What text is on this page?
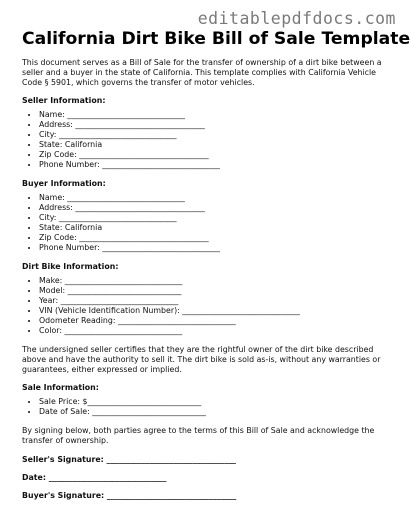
editablepdfdocs.com
California Dirt Bike Bill of Sale Template

This document serves as a Bill of Sale for the transfer of ownership of a dirt bike between a seller and a buyer in the state of California. This template complies with California Vehicle Code § 5901, which governs the transfer of motor vehicles.

Seller Information:

• Name: ______________________________
• Address: _________________________________
• City: ______________________________
• State: California
• Zip Code: _________________________________
• Phone Number: ______________________________

Buyer Information:

• Name: ______________________________
• Address: _________________________________
• City: ______________________________
• State: California
• Zip Code: _________________________________
• Phone Number: ______________________________

Dirt Bike Information:

• Make: ______________________________
• Model: _____________________________
• Year: ______________________________
• VIN (Vehicle Identification Number): ______________________________
• Odometer Reading: ______________________________
• Color: ______________________________

The undersigned seller certifies that they are the rightful owner of the dirt bike described above and have the authority to sell it. The dirt bike is sold as-is, without any warranties or guarantees, either expressed or implied.

Sale Information:

• Sale Price: $_____________________________
• Date of Sale: _____________________________

By signing below, both parties agree to the terms of this Bill of Sale and acknowledge the transfer of ownership.

Seller's Signature: _________________________________

Date: ______________________________

Buyer's Signature: _________________________________
